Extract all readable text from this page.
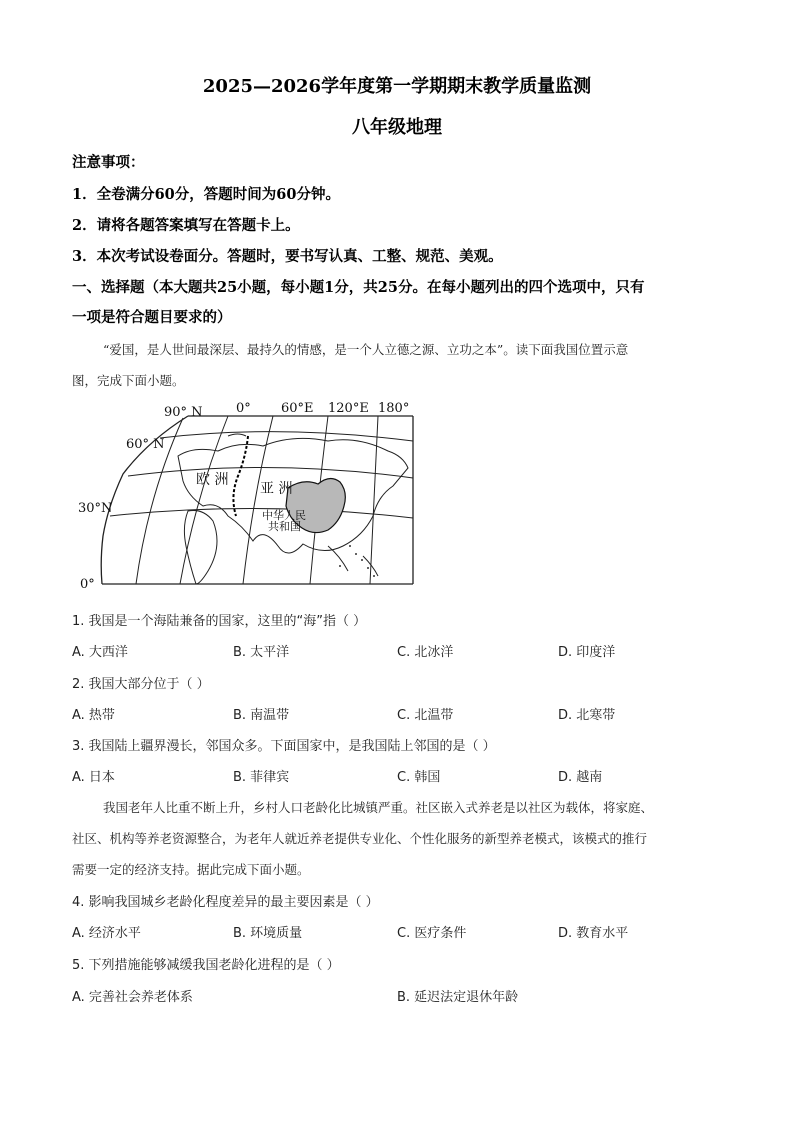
2025—2026学年度第一学期期末教学质量监测
八年级地理
注意事项：
1．全卷满分60分，答题时间为60分钟。
2．请将各题答案填写在答题卡上。
3．本次考试设卷面分。答题时，要书写认真、工整、规范、美观。
一、选择题（本大题共25小题，每小题1分，共25分。在每小题列出的四个选项中，只有
一项是符合题目要求的）
“爱国，是人世间最深层、最持久的情感，是一个人立德之源、立功之本”。读下面我国位置示意
图，完成下面小题。
90° N
60° N
30°N
0°
0° 60°E 120°E 180°
欧 洲
亚 洲
中华人民
共和国
1. 我国是一个海陆兼备的国家，这里的“海”指（ ）
A. 大西洋	B. 太平洋	C. 北冰洋	D. 印度洋
2. 我国大部分位于（ ）
A. 热带	B. 南温带	C. 北温带	D. 北寒带
3. 我国陆上疆界漫长，邻国众多。下面国家中，是我国陆上邻国的是（ ）
A. 日本	B. 菲律宾	C. 韩国	D. 越南
我国老年人比重不断上升，乡村人口老龄化比城镇严重。社区嵌入式养老是以社区为载体，将家庭、
社区、机构等养老资源整合，为老年人就近养老提供专业化、个性化服务的新型养老模式，该模式的推行
需要一定的经济支持。据此完成下面小题。
4. 影响我国城乡老龄化程度差异的最主要因素是（ ）
A. 经济水平	B. 环境质量	C. 医疗条件	D. 教育水平
5. 下列措施能够减缓我国老龄化进程的是（ ）
A. 完善社会养老体系	B. 延迟法定退休年龄
